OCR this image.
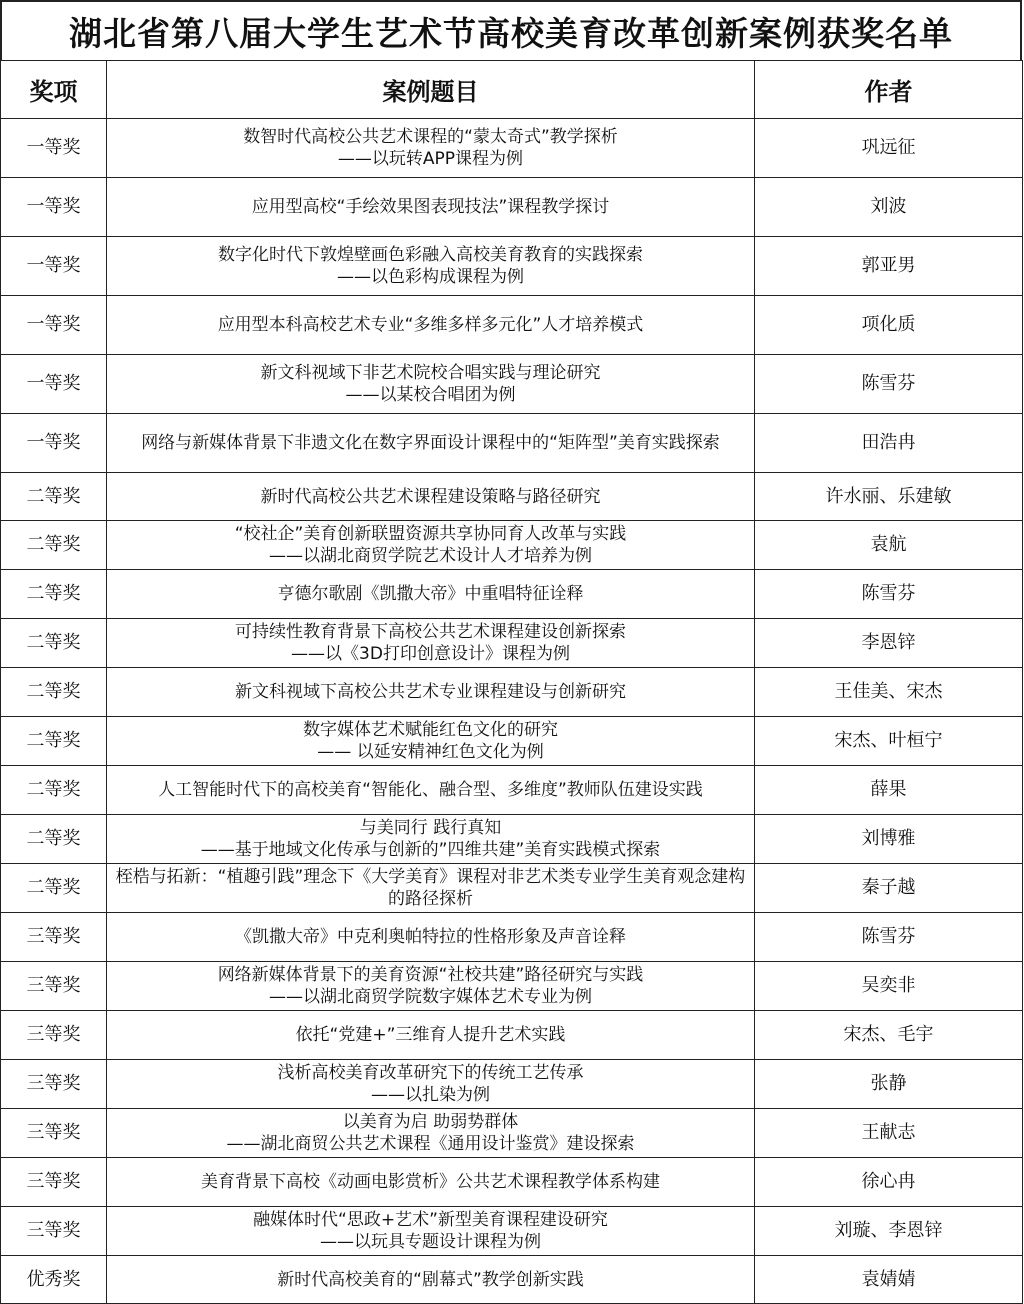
湖北省第八届大学生艺术节高校美育改革创新案例获奖名单
奖项	案例题目	作者
一等奖	数智时代高校公共艺术课程的“蒙太奇式”教学探析
——以玩转APP课程为例	巩远征
一等奖	应用型高校“手绘效果图表现技法”课程教学探讨	刘波
一等奖	数字化时代下敦煌壁画色彩融入高校美育教育的实践探索
——以色彩构成课程为例	郭亚男
一等奖	应用型本科高校艺术专业“多维多样多元化”人才培养模式	项化质
一等奖	新文科视域下非艺术院校合唱实践与理论研究
——以某校合唱团为例	陈雪芬
一等奖	网络与新媒体背景下非遗文化在数字界面设计课程中的“矩阵型”美育实践探索	田浩冉
二等奖	新时代高校公共艺术课程建设策略与路径研究	许水丽、乐建敏
二等奖	“校社企”美育创新联盟资源共享协同育人改革与实践
——以湖北商贸学院艺术设计人才培养为例	袁航
二等奖	亨德尔歌剧《凯撒大帝》中重唱特征诠释	陈雪芬
二等奖	可持续性教育背景下高校公共艺术课程建设创新探索
——以《3D打印创意设计》课程为例	李恩锌
二等奖	新文科视域下高校公共艺术专业课程建设与创新研究	王佳美、宋杰
二等奖	数字媒体艺术赋能红色文化的研究
—— 以延安精神红色文化为例	宋杰、叶桓宁
二等奖	人工智能时代下的高校美育“智能化、融合型、多维度”教师队伍建设实践	薛果
二等奖	与美同行 践行真知
——基于地域文化传承与创新的”四维共建”美育实践模式探索	刘博雅
二等奖	桎梏与拓新：“植趣引践”理念下《大学美育》课程对非艺术类专业学生美育观念建构的路径探析	秦子越
三等奖	《凯撒大帝》中克利奥帕特拉的性格形象及声音诠释	陈雪芬
三等奖	网络新媒体背景下的美育资源“社校共建”路径研究与实践
——以湖北商贸学院数字媒体艺术专业为例	吴奕非
三等奖	依托“党建+”三维育人提升艺术实践	宋杰、毛宇
三等奖	浅析高校美育改革研究下的传统工艺传承
——以扎染为例	张静
三等奖	以美育为启 助弱势群体
——湖北商贸公共艺术课程《通用设计鉴赏》建设探索	王献志
三等奖	美育背景下高校《动画电影赏析》公共艺术课程教学体系构建	徐心冉
三等奖	融媒体时代“思政+艺术”新型美育课程建设研究
——以玩具专题设计课程为例	刘璇、李恩锌
优秀奖	新时代高校美育的“剧幕式”教学创新实践	袁婧婧
